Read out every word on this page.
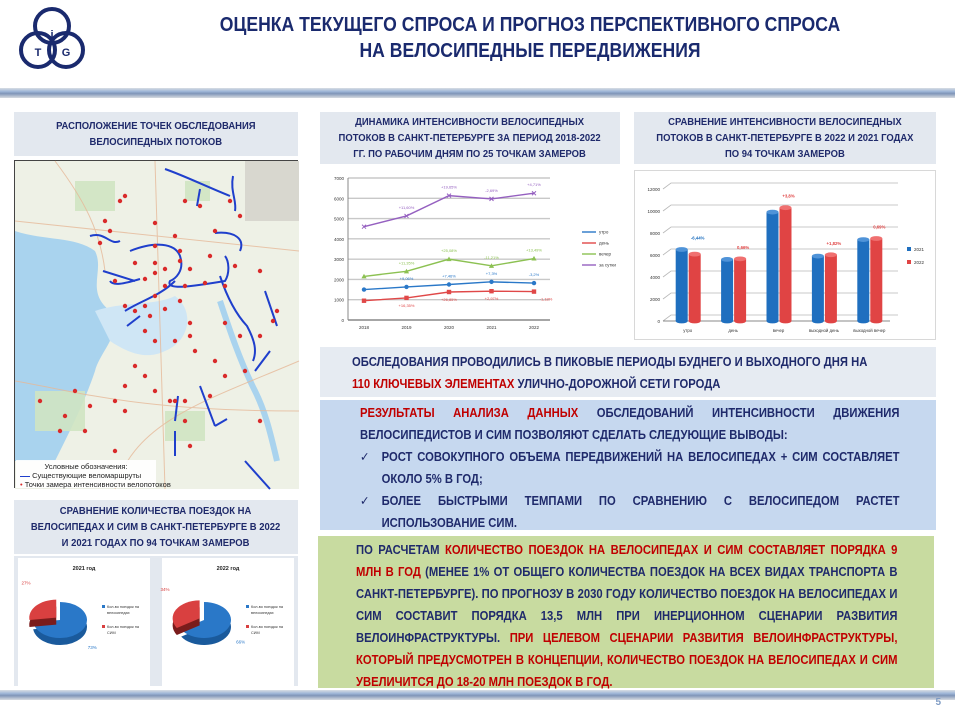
i
T G
ОЦЕНКА ТЕКУЩЕГО СПРОСА И ПРОГНОЗ ПЕРСПЕКТИВНОГО СПРОСА
НА ВЕЛОСИПЕДНЫЕ ПЕРЕДВИЖЕНИЯ
РАСПОЛОЖЕНИЕ ТОЧЕК ОБСЛЕДОВАНИЯ
ВЕЛОСИПЕДНЫХ ПОТОКОВ
Условные обозначения:
Существующие веломаршруты
• Точки замера интенсивности велопотоков
СРАВНЕНИЕ КОЛИЧЕСТВА ПОЕЗДОК НА
ВЕЛОСИПЕДАХ И СИМ В САНКТ-ПЕТЕРБУРГЕ В 2022
И 2021 ГОДАХ ПО 94 ТОЧКАМ ЗАМЕРОВ
2021 год
73%
27%
Кол-во поездок на
велосипедах
Кол-во поездок на
СИМ
2022 год
66%
34%
Кол-во поездок на
велосипедах
Кол-во поездок на
СИМ
ДИНАМИКА ИНТЕНСИВНОСТИ ВЕЛОСИПЕДНЫХ
ПОТОКОВ В САНКТ-ПЕТЕРБУРГЕ ЗА ПЕРИОД 2018-2022
ГГ. ПО РАБОЧИМ ДНЯМ ПО 25 ТОЧКАМ ЗАМЕРОВ
0
1000
2000
3000
4000
5000
6000
7000
2018	2019	2020	2021	2022
+9,06%	+7,46%
+7,3%	-3,2%
утро
+16,35%
+26,85%	+2,97%	-1,18%
день
+11,35%
+25,08%
-11,21%
+13,49%
вечер
+11,60%
+19,65%
-2,69%
+4,71%
за сутки
СРАВНЕНИЕ ИНТЕНСИВНОСТИ ВЕЛОСИПЕДНЫХ
ПОТОКОВ В САНКТ-ПЕТЕРБУРГЕ В 2022 И 2021 ГОДАХ
ПО 94 ТОЧКАМ ЗАМЕРОВ
0
2000
4000
6000
8000
10000
12000
утро
-6,44%
день
0,66%
вечер
+3,8%
выходной день
+1,82%
выходной вечер
0,69%
2021
2022
ОБСЛЕДОВАНИЯ ПРОВОДИЛИСЬ В ПИКОВЫЕ ПЕРИОДЫ БУДНЕГО И ВЫХОДНОГО ДНЯ НА
110 КЛЮЧЕВЫХ ЭЛЕМЕНТАХ УЛИЧНО-ДОРОЖНОЙ СЕТИ ГОРОДА
РЕЗУЛЬТАТЫ АНАЛИЗА ДАННЫХ ОБСЛЕДОВАНИЙ ИНТЕНСИВНОСТИ ДВИЖЕНИЯ ВЕЛОСИПЕДИСТОВ И СИМ ПОЗВОЛЯЮТ СДЕЛАТЬ СЛЕДУЮЩИЕ ВЫВОДЫ:
✓ РОСТ СОВОКУПНОГО ОБЪЕМА ПЕРЕДВИЖЕНИЙ НА ВЕЛОСИПЕДАХ + СИМ СОСТАВЛЯЕТ ОКОЛО 5% В ГОД;
✓ БОЛЕЕ БЫСТРЫМИ ТЕМПАМИ ПО СРАВНЕНИЮ С ВЕЛОСИПЕДОМ РАСТЕТ ИСПОЛЬЗОВАНИЕ СИМ.
ПО РАСЧЕТАМ КОЛИЧЕСТВО ПОЕЗДОК НА ВЕЛОСИПЕДАХ И СИМ СОСТАВЛЯЕТ ПОРЯДКА 9 МЛН В ГОД (МЕНЕЕ 1% ОТ ОБЩЕГО КОЛИЧЕСТВА ПОЕЗДОК НА ВСЕХ ВИДАХ ТРАНСПОРТА В САНКТ-ПЕТЕРБУРГЕ). ПО ПРОГНОЗУ В 2030 ГОДУ КОЛИЧЕСТВО ПОЕЗДОК НА ВЕЛОСИПЕДАХ И СИМ СОСТАВИТ ПОРЯДКА 13,5 МЛН ПРИ ИНЕРЦИОННОМ СЦЕНАРИИ РАЗВИТИЯ ВЕЛОИНФРАСТРУКТУРЫ. ПРИ ЦЕЛЕВОМ СЦЕНАРИИ РАЗВИТИЯ ВЕЛОИНФРАСТРУКТУРЫ, КОТОРЫЙ ПРЕДУСМОТРЕН В КОНЦЕПЦИИ, КОЛИЧЕСТВО ПОЕЗДОК НА ВЕЛОСИПЕДАХ И СИМ УВЕЛИЧИТСЯ ДО 18-20 МЛН ПОЕЗДОК В ГОД.
5
